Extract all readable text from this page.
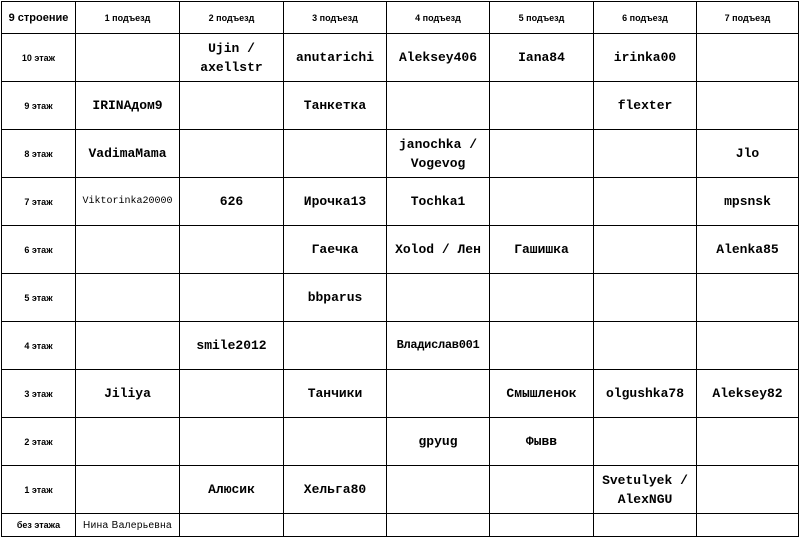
9 строение	1 подъезд	2 подъезд	3 подъезд	4 подъезд	5 подъезд	6 подъезд	7 подъезд
10 этаж		Ujin / axellstr	anutarichi	Aleksey406	Iana84	irinka00	
9 этаж	IRINAдом9		Танкетка			flexter	
8 этаж	VadimaMama			janochka / Vogevog			Jlo
7 этаж	Viktorinka20000	626	Ирочка13	Tochka1			mpsnsk
6 этаж			Гаечка	Xolod / Лен	Гашишка		Alenka85
5 этаж			bbparus				
4 этаж		smile2012		Владислав001			
3 этаж	Jiliya		Танчики		Смышленок	olgushka78	Aleksey82
2 этаж				gpyug	Фывв		
1 этаж		Алюсик	Хельга80			Svetulyek / AlexNGU	
без этажа	Нина Валерьевна						
